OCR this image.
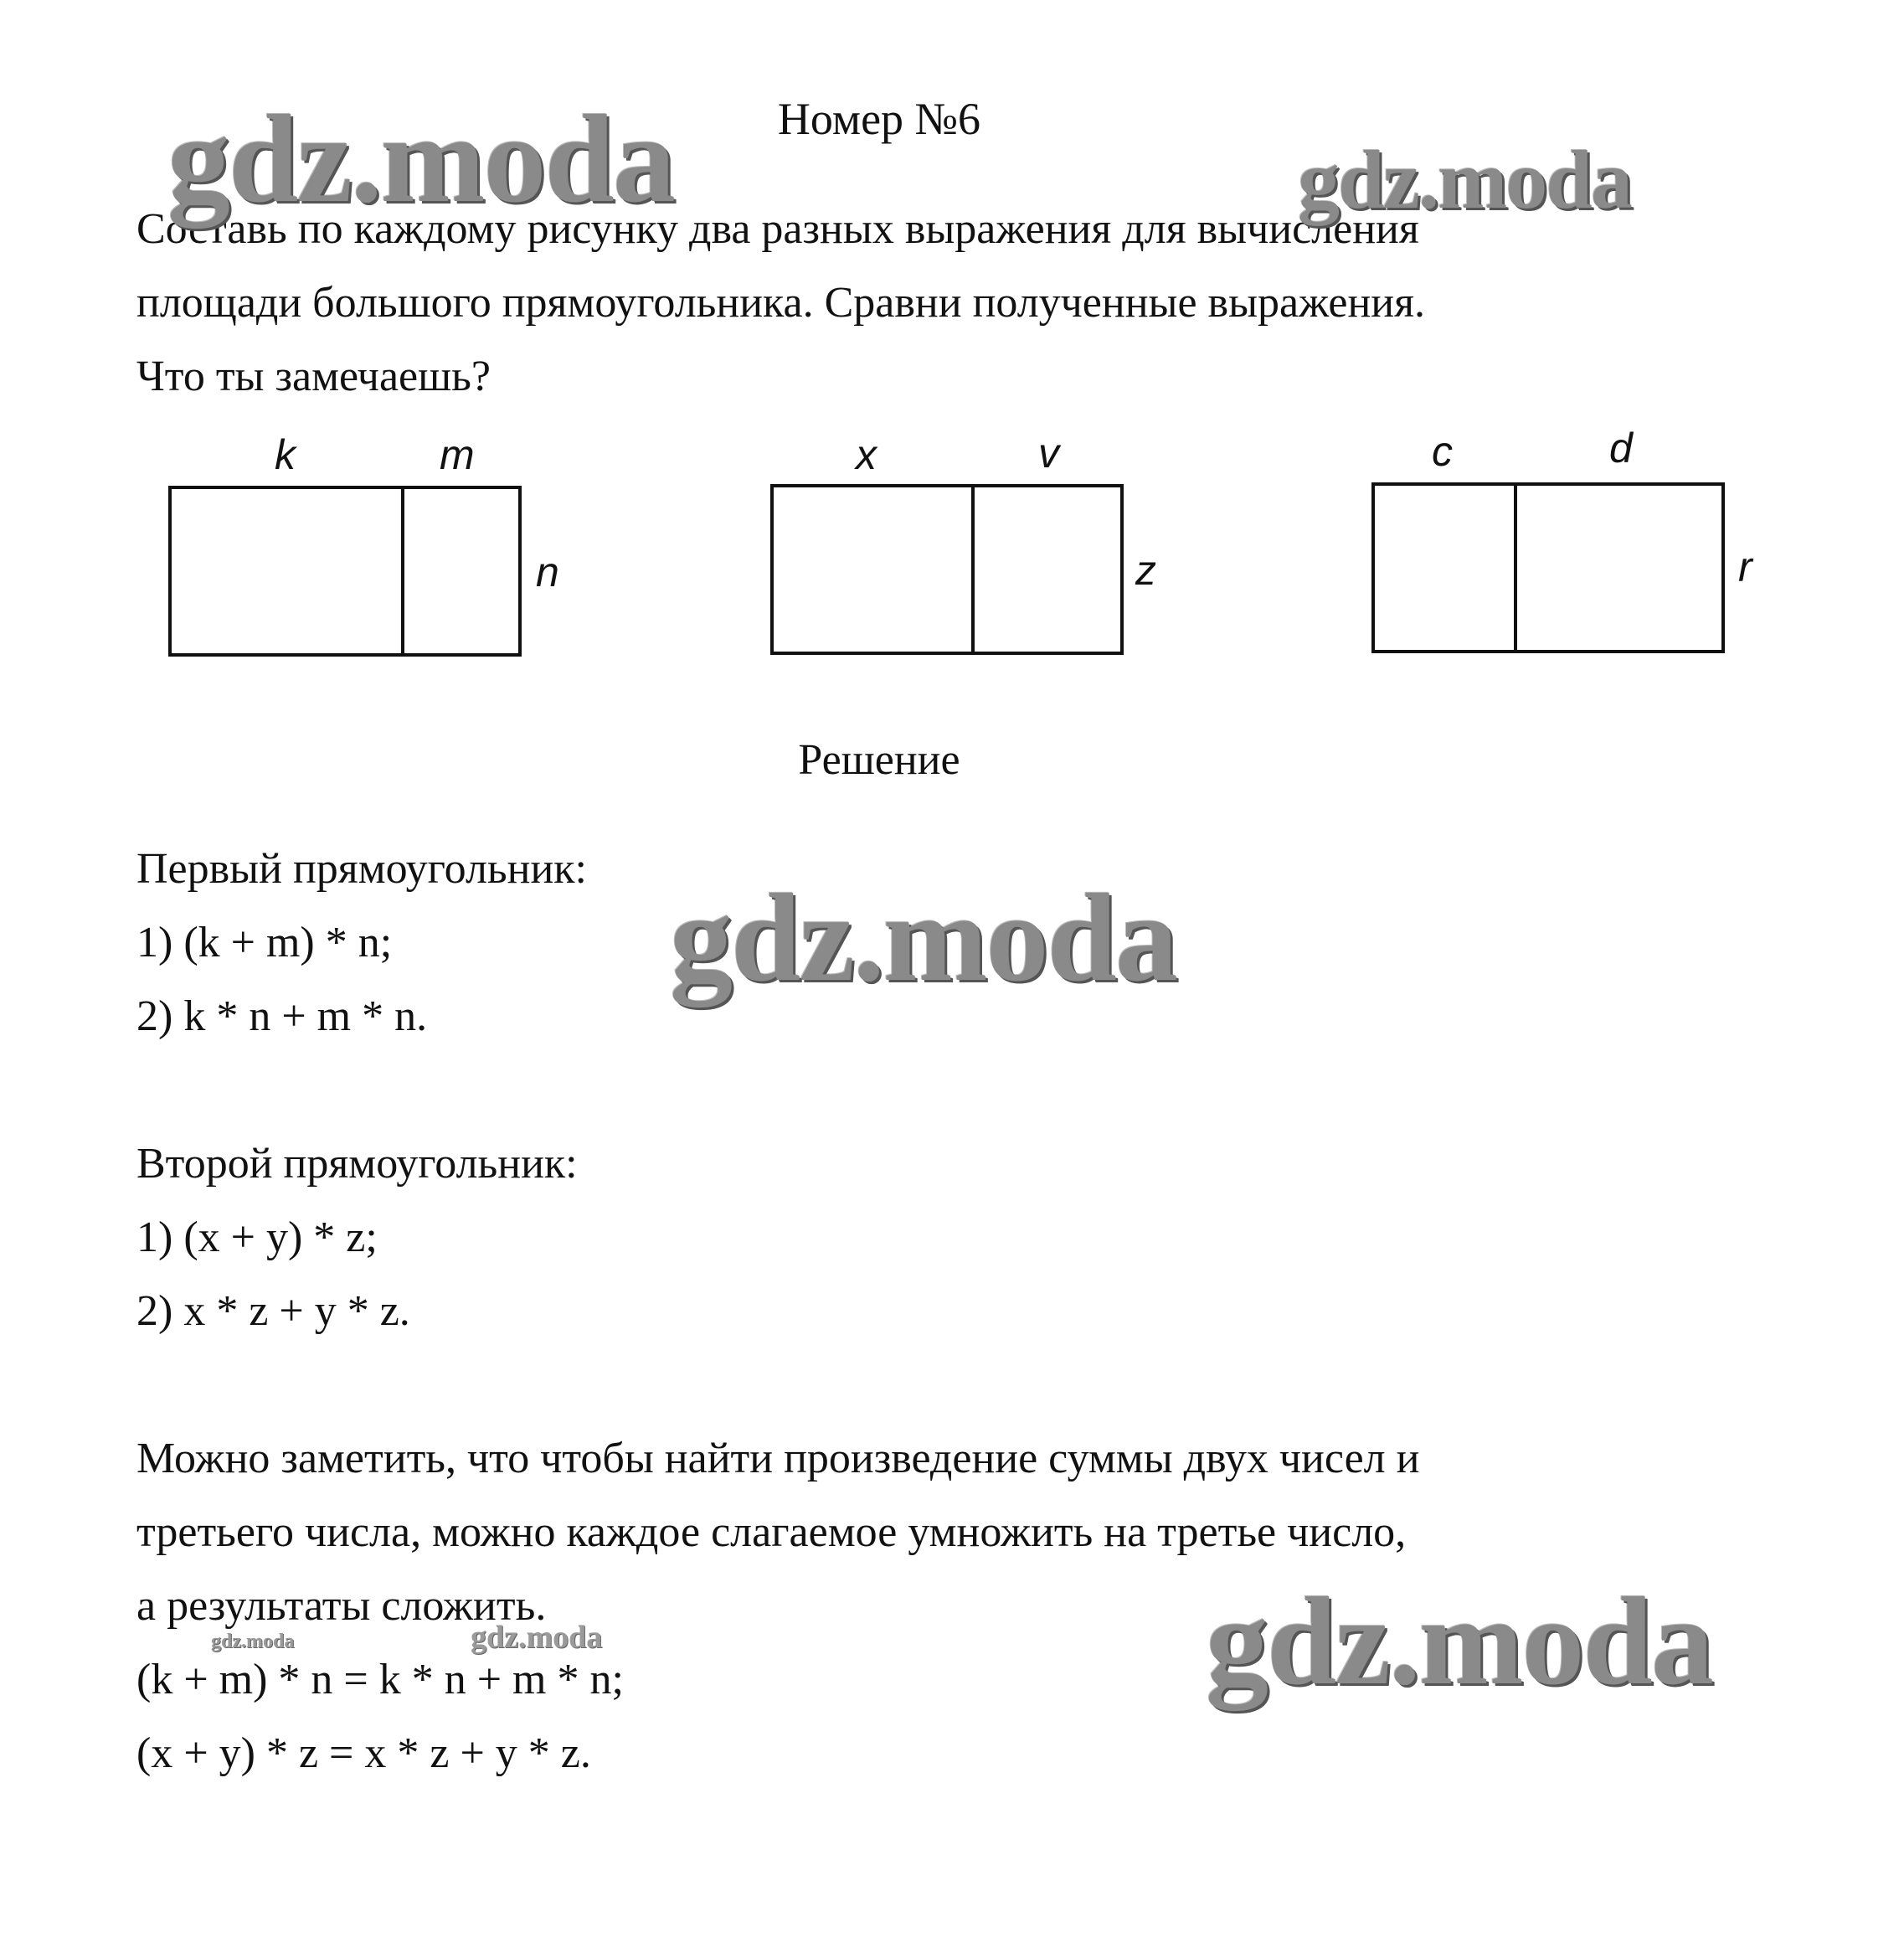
Номер №6
Составь по каждому рисунку два разных выражения для вычисления
площади большого прямоугольника. Сравни полученные выражения.
Что ты замечаешь?
k	m
n
x	v
z
c	d
r
Решение
Первый прямоугольник:
1) (k + m) * n;
2) k * n + m * n.
Второй прямоугольник:
1) (x + y) * z;
2) x * z + y * z.
Можно заметить, что чтобы найти произведение суммы двух чисел и
третьего числа, можно каждое слагаемое умножить на третье число,
а результаты сложить.
(k + m) * n = k * n + m * n;
(x + y) * z = x * z + y * z.
gdz.moda	gdz.moda
gdz.moda
gdz.moda
gdz.moda	gdz.moda
